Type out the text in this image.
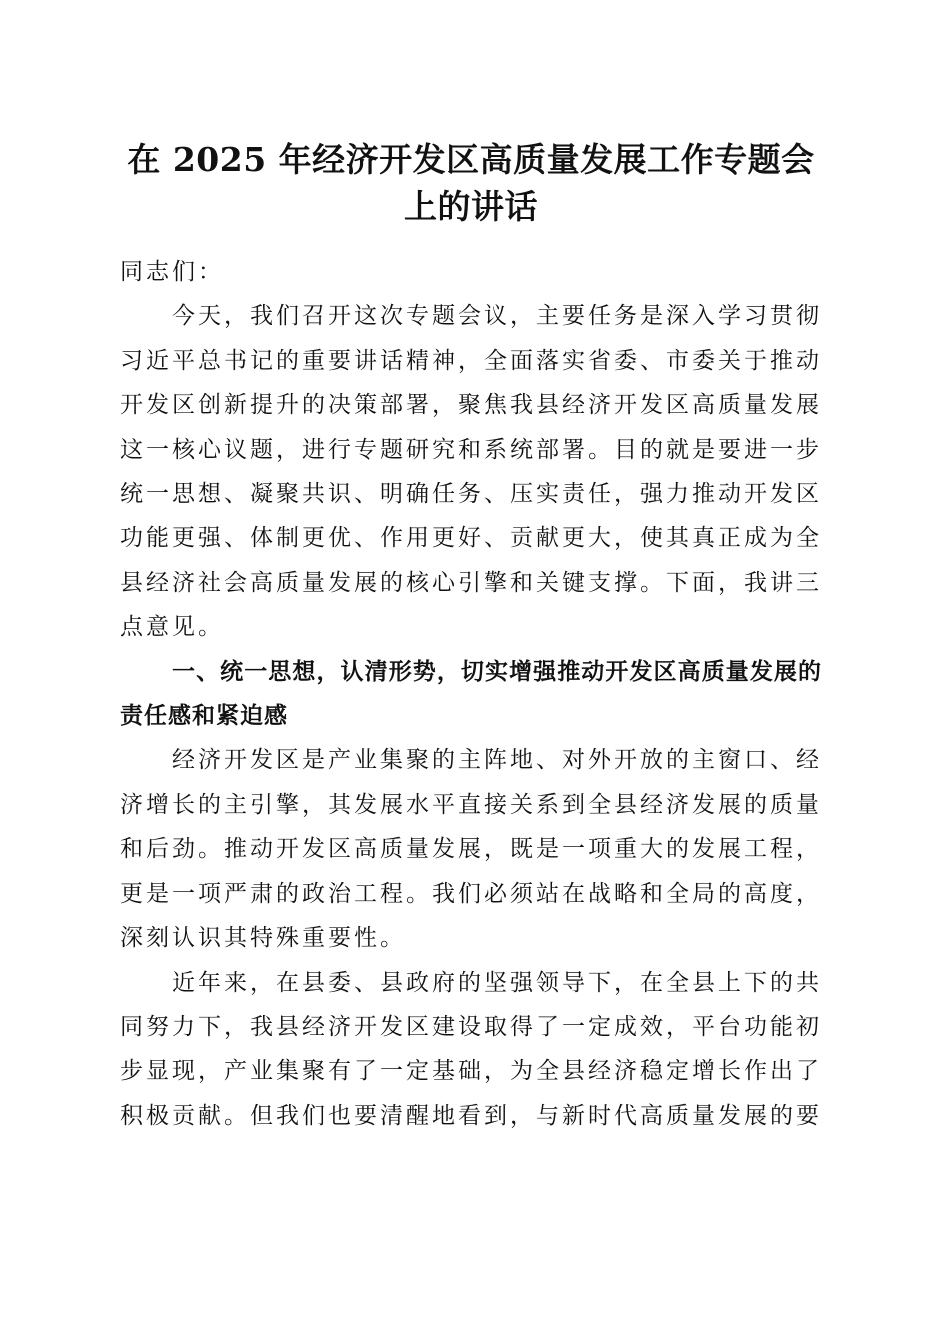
在 2025 年经济开发区高质量发展工作专题会
上的讲话

同志们：

今天，我们召开这次专题会议，主要任务是深入学习贯彻习近平总书记的重要讲话精神，全面落实省委、市委关于推动开发区创新提升的决策部署，聚焦我县经济开发区高质量发展这一核心议题，进行专题研究和系统部署。目的就是要进一步统一思想、凝聚共识、明确任务、压实责任，强力推动开发区功能更强、体制更优、作用更好、贡献更大，使其真正成为全县经济社会高质量发展的核心引擎和关键支撑。下面，我讲三点意见。

一、统一思想，认清形势，切实增强推动开发区高质量发展的责任感和紧迫感

经济开发区是产业集聚的主阵地、对外开放的主窗口、经济增长的主引擎，其发展水平直接关系到全县经济发展的质量和后劲。推动开发区高质量发展，既是一项重大的发展工程，更是一项严肃的政治工程。我们必须站在战略和全局的高度，深刻认识其特殊重要性。

近年来，在县委、县政府的坚强领导下，在全县上下的共同努力下，我县经济开发区建设取得了一定成效，平台功能初步显现，产业集聚有了一定基础，为全县经济稳定增长作出了积极贡献。但我们也要清醒地看到，与新时代高质量发展的要
